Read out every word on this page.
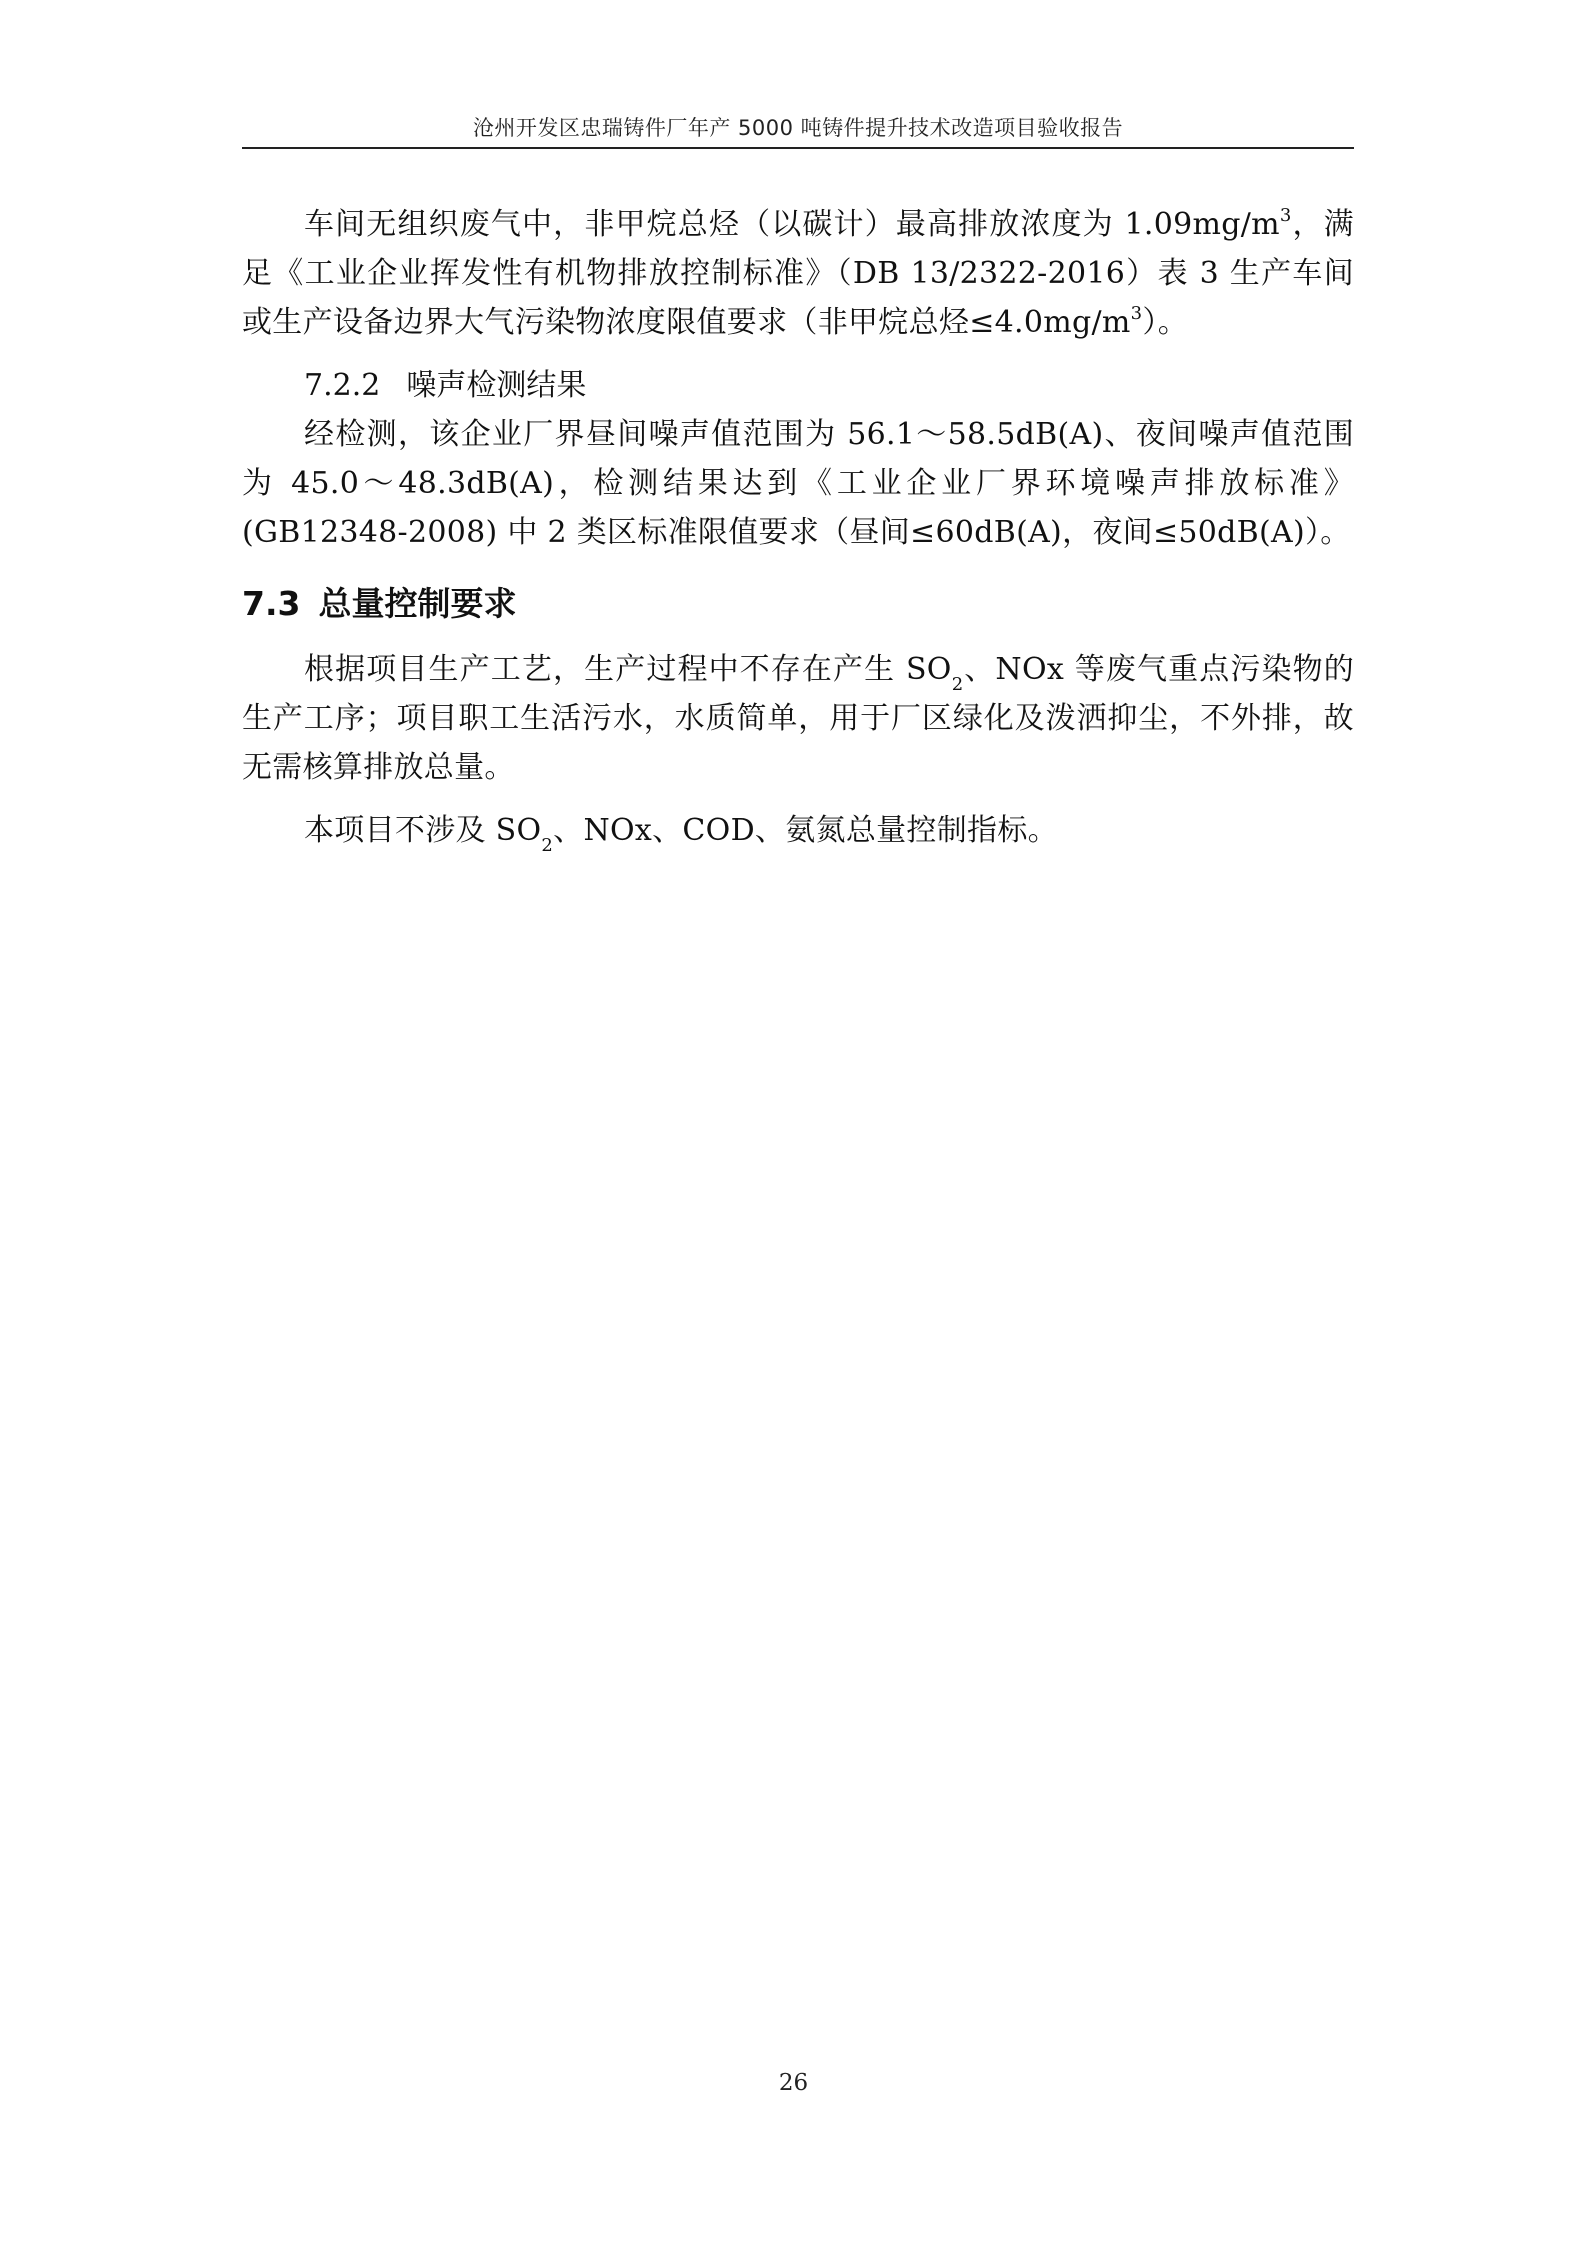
沧州开发区忠瑞铸件厂年产 5000 吨铸件提升技术改造项目验收报告

车间无组织废气中，非甲烷总烃（以碳计）最高排放浓度为 $1.09mg/m^3$，满足《工业企业挥发性有机物排放控制标准》（DB 13/2322-2016）表 3 生产车间或生产设备边界大气污染物浓度限值要求（非甲烷总烃$\le 4.0mg/m^3$）。

7.2.2 噪声检测结果

经检测，该企业厂界昼间噪声值范围为 56.1～58.5dB(A)、夜间噪声值范围为 45.0～48.3dB(A)，检测结果达到《工业企业厂界环境噪声排放标准》(GB12348-2008) 中 2 类区标准限值要求（昼间≤60dB(A)，夜间≤50dB(A)）。

7.3 总量控制要求

根据项目生产工艺，生产过程中不存在产生 $SO_2$、NOx 等废气重点污染物的生产工序；项目职工生活污水，水质简单，用于厂区绿化及泼洒抑尘，不外排，故无需核算排放总量。

本项目不涉及 $SO_2$、NOx、COD、氨氮总量控制指标。

26
